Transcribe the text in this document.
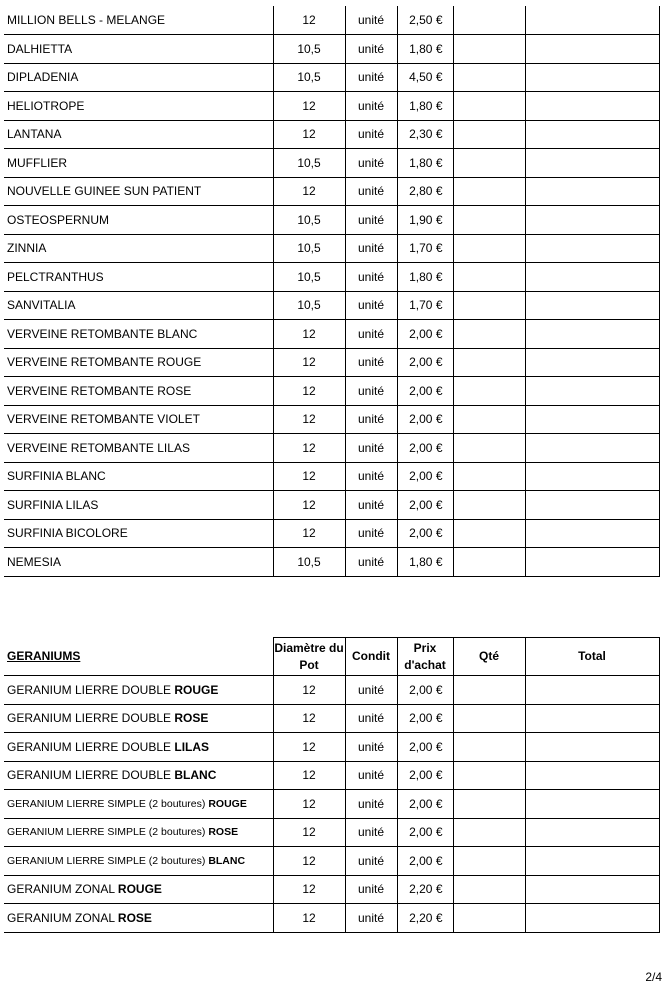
MILLION BELLS - MELANGE	12	unité	2,50 €		
DALHIETTA	10,5	unité	1,80 €		
DIPLADENIA	10,5	unité	4,50 €		
HELIOTROPE	12	unité	1,80 €		
LANTANA	12	unité	2,30 €		
MUFFLIER	10,5	unité	1,80 €		
NOUVELLE GUINEE SUN PATIENT	12	unité	2,80 €		
OSTEOSPERNUM	10,5	unité	1,90 €		
ZINNIA	10,5	unité	1,70 €		
PELCTRANTHUS	10,5	unité	1,80 €		
SANVITALIA	10,5	unité	1,70 €		
VERVEINE RETOMBANTE BLANC	12	unité	2,00 €		
VERVEINE RETOMBANTE ROUGE	12	unité	2,00 €		
VERVEINE RETOMBANTE ROSE	12	unité	2,00 €		
VERVEINE RETOMBANTE VIOLET	12	unité	2,00 €		
VERVEINE RETOMBANTE LILAS	12	unité	2,00 €		
SURFINIA BLANC	12	unité	2,00 €		
SURFINIA LILAS	12	unité	2,00 €		
SURFINIA BICOLORE	12	unité	2,00 €		
NEMESIA	10,5	unité	1,80 €		
GERANIUMS	Diamètre du Pot	Condit	Prix d'achat	Qté	Total
GERANIUM LIERRE DOUBLE ROUGE	12	unité	2,00 €		
GERANIUM LIERRE DOUBLE ROSE	12	unité	2,00 €		
GERANIUM LIERRE DOUBLE LILAS	12	unité	2,00 €		
GERANIUM LIERRE DOUBLE BLANC	12	unité	2,00 €		
GERANIUM LIERRE SIMPLE (2 boutures) ROUGE	12	unité	2,00 €		
GERANIUM LIERRE SIMPLE (2 boutures) ROSE	12	unité	2,00 €		
GERANIUM LIERRE SIMPLE (2 boutures) BLANC	12	unité	2,00 €		
GERANIUM ZONAL ROUGE	12	unité	2,20 €		
GERANIUM ZONAL ROSE	12	unité	2,20 €		
2/4
